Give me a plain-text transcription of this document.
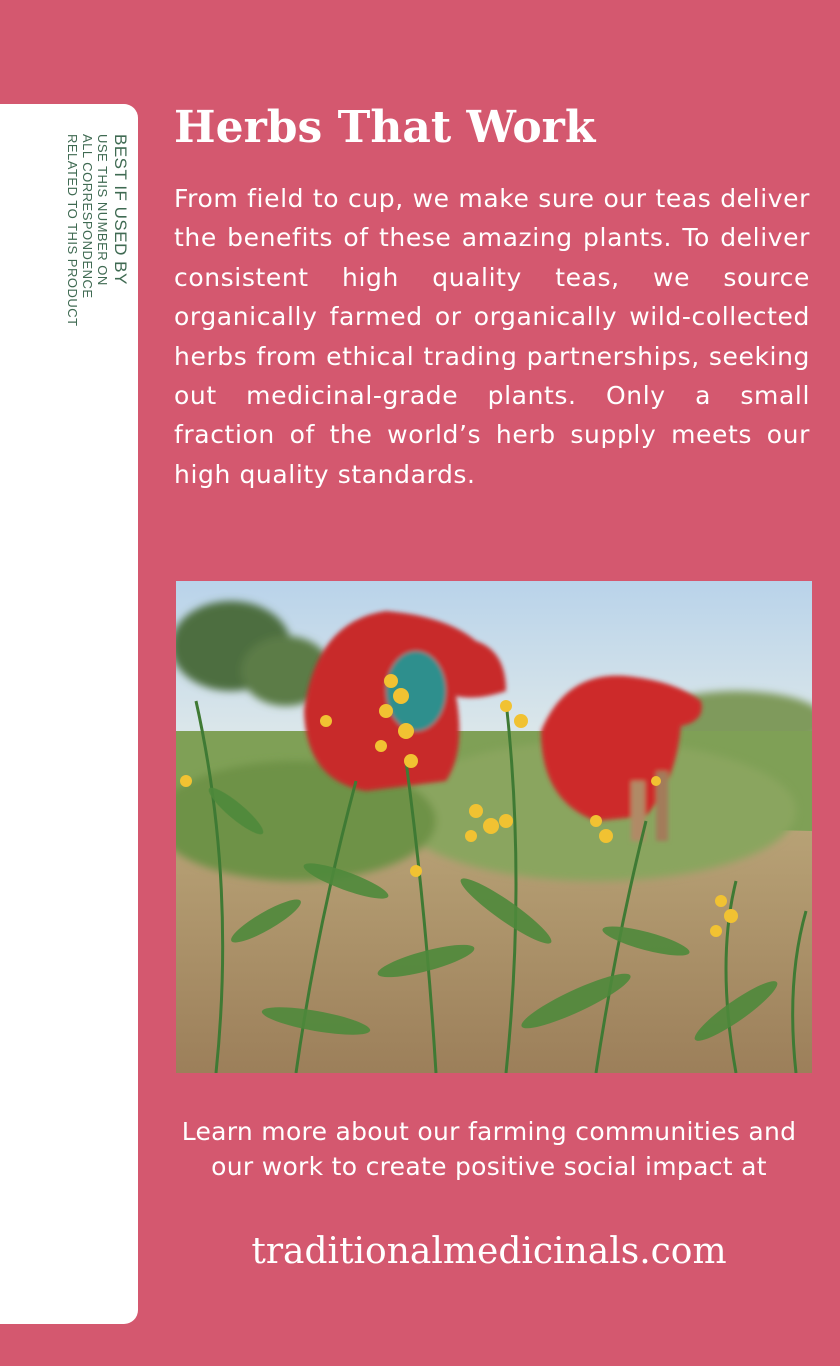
BEST IF USED BY
USE THIS NUMBER ON
ALL CORRESPONDENCE
RELATED TO THIS PRODUCT
Herbs That Work

From field to cup, we make sure our teas deliver the benefits of these amazing plants. To deliver consistent high quality teas, we source organically farmed or organically wild-collected herbs from ethical trading partnerships, seeking out medicinal-grade plants. Only a small fraction of the world’s herb supply meets our high quality standards.

Learn more about our farming communities and our work to create positive social impact at

traditionalmedicinals.com
